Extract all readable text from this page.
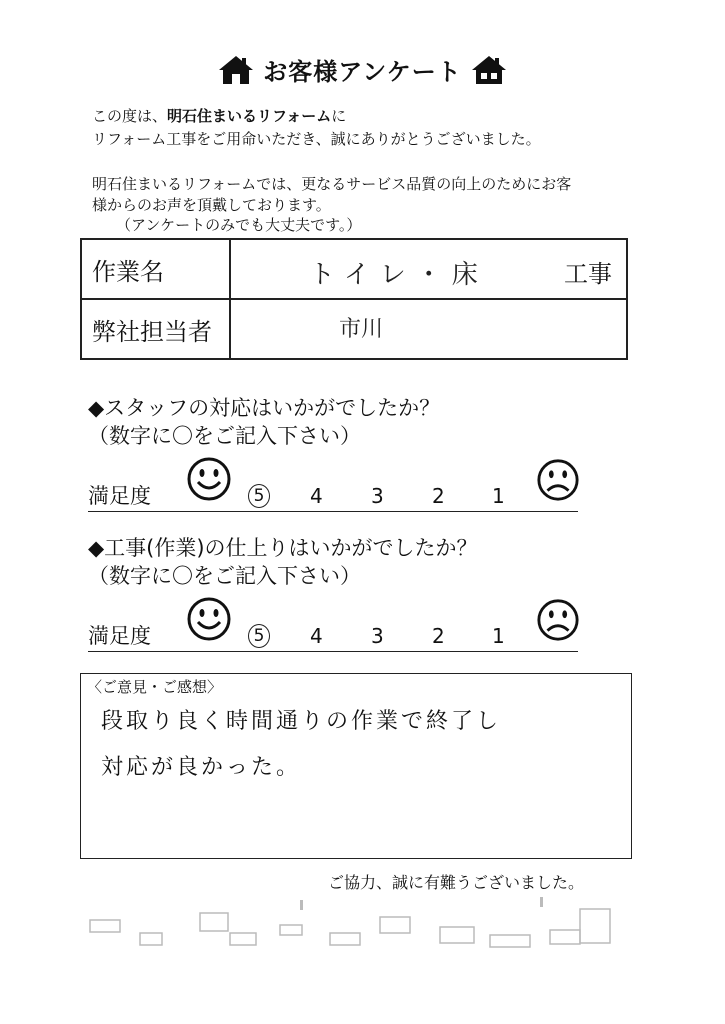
お客様アンケート
この度は、明石住まいるリフォームに
リフォーム工事をご用命いただき、誠にありがとうございました。
明石住まいるリフォームでは、更なるサービス品質の向上のためにお客
様からのお声を頂戴しております。
（アンケートのみでも大丈夫です。）
作業名	トイレ・床 工事

弊社担当者	市川
◆スタッフの対応はいかがでしたか？
（数字に〇をご記入下さい）
満足度	5 4 3 2 1
◆工事(作業)の仕上りはいかがでしたか？
（数字に〇をご記入下さい）
満足度	5 4 3 2 1
〈ご意見・ご感想〉
段取り良く時間通りの作業で終了し
対応が良かった。
ご協力、誠に有難うございました。
